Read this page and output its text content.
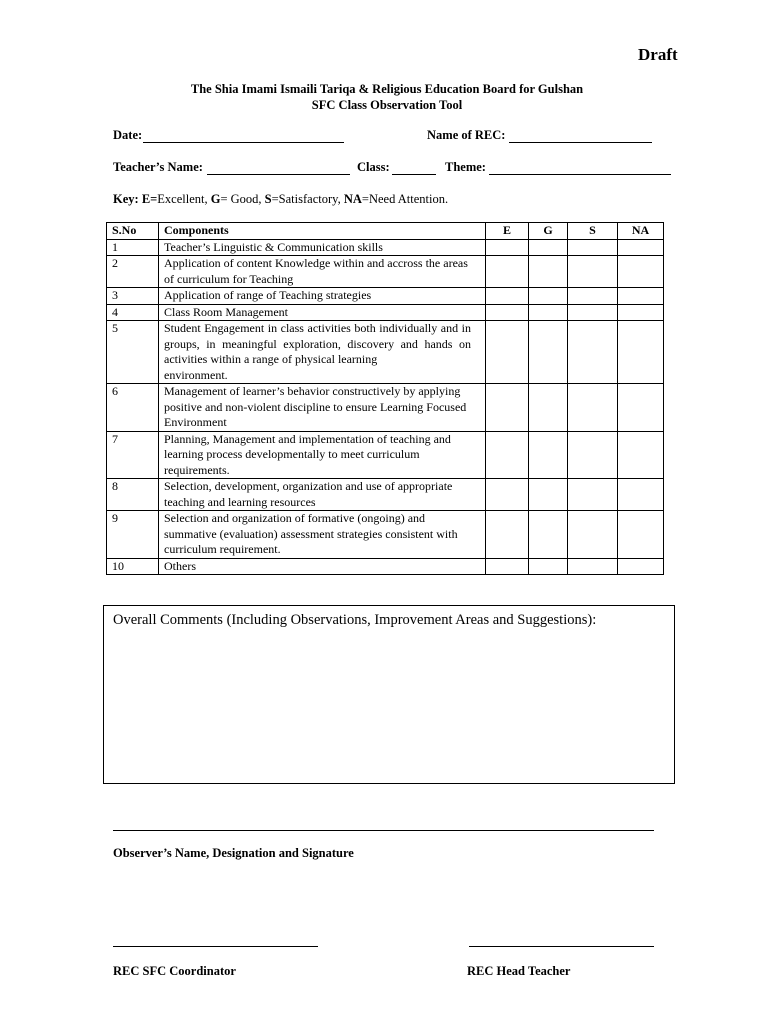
Draft
The Shia Imami Ismaili Tariqa & Religious Education Board for Gulshan
SFC Class Observation Tool
Date:	Name of REC:
Teacher’s Name:	Class:	Theme:
Key: E=Excellent, G= Good, S=Satisfactory, NA=Need Attention.
S.No	Components	E	G	S	NA
1	Teacher’s Linguistic & Communication skills				
2	Application of content Knowledge within and accross the areas of curriculum for Teaching				
3	Application of range of Teaching strategies				
4	Class Room Management				
5	Student Engagement in class activities both individually and in groups, in meaningful exploration, discovery and hands on activities within a range of physical learning
environment.				

6	Management of learner’s behavior constructively by applying positive and non-violent discipline to ensure Learning Focused Environment				
7	Planning, Management and implementation of teaching and learning process developmentally to meet curriculum requirements.				
8	Selection, development, organization and use of appropriate teaching and learning resources				
9	Selection and organization of formative (ongoing) and summative (evaluation) assessment strategies consistent with curriculum requirement.				
10	Others				
Overall Comments (Including Observations, Improvement Areas and Suggestions):
Observer’s Name, Designation and Signature
REC SFC Coordinator	REC Head Teacher
